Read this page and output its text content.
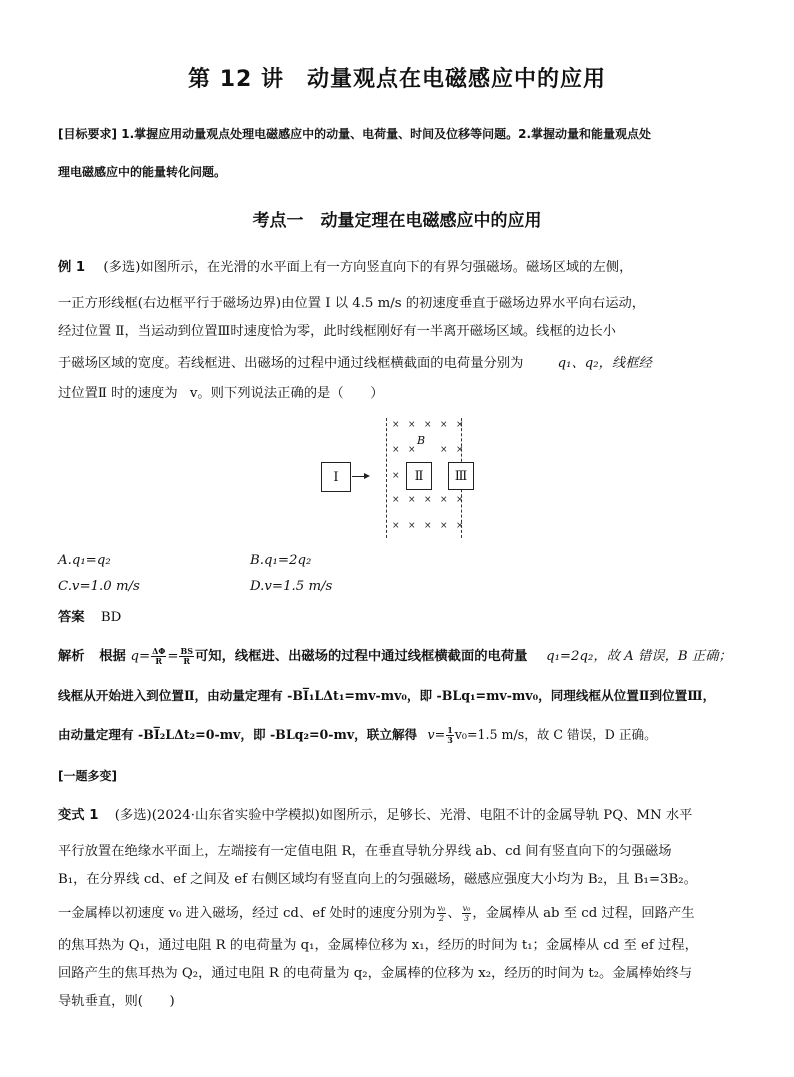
第 12 讲　动量观点在电磁感应中的应用
[目标要求] 1.掌握应用动量观点处理电磁感应中的动量、电荷量、时间及位移等问题。2.掌握动量和能量观点处
理电磁感应中的能量转化问题。
考点一　动量定理在电磁感应中的应用
例 1 (多选)如图所示，在光滑的水平面上有一方向竖直向下的有界匀强磁场。磁场区域的左侧，
一正方形线框(右边框平行于磁场边界)由位置 Ⅰ 以 4.5 m/s 的初速度垂直于磁场边界水平向右运动，
经过位置 Ⅱ，当运动到位置Ⅲ时速度恰为零，此时线框刚好有一半离开磁场区域。线框的边长小
于磁场区域的宽度。若线框进、出磁场的过程中通过线框横截面的电荷量分别为	q₁、q₂，线框经
过位置Ⅱ 时的速度为 v。则下列说法正确的是（　　）
× × × × ×
× ×	× ×
×
× × × × ×
× × × × ×
B
Ⅰ	Ⅱ Ⅲ
A.q₁=q₂	B.q₁=2q₂
C.v=1.0 m/s	D.v=1.5 m/s
答案 BD
解析 根据 $q= \frac{\Delta\Phi}{R} = \frac{BS}{R}$ 可知，线框进、出磁场的过程中通过线框横截面的电荷量 q₁=2q₂，故 A 错误，B 正确；
线框从开始进入到位置Ⅱ，由动量定理有 -BI̅₁LΔt₁=mv-mv₀，即 -BLq₁=mv-mv₀，同理线框从位置Ⅱ到位置Ⅲ，
由动量定理有 -BI̅₂LΔt₂=0-mv，即 -BLq₂=0-mv，联立解得 $v= \frac{1}{3} v_0=1.5$ m/s，故 C 错误，D 正确。
[一题多变]
变式 1 (多选)(2024·山东省实验中学模拟)如图所示，足够长、光滑、电阻不计的金属导轨 PQ、MN 水平
平行放置在绝缘水平面上，左端接有一定值电阻 R，在垂直导轨分界线 ab、cd 间有竖直向下的匀强磁场
B₁，在分界线 cd、ef 之间及 ef 右侧区域均有竖直向上的匀强磁场，磁感应强度大小均为 B₂，且 B₁=3B₂。
一金属棒以初速度 v₀ 进入磁场，经过 cd、ef 处时的速度分别为 $\frac{\text{v₀}}{2}$ 、 $\frac{\text{v₀}}{3}$ ，金属棒从 ab 至 cd 过程，回路产生
的焦耳热为 Q₁，通过电阻 R 的电荷量为 q₁，金属棒位移为 x₁，经历的时间为 t₁；金属棒从 cd 至 ef 过程，
回路产生的焦耳热为 Q₂，通过电阻 R 的电荷量为 q₂，金属棒的位移为 x₂，经历的时间为 t₂。金属棒始终与
导轨垂直，则(　　)
